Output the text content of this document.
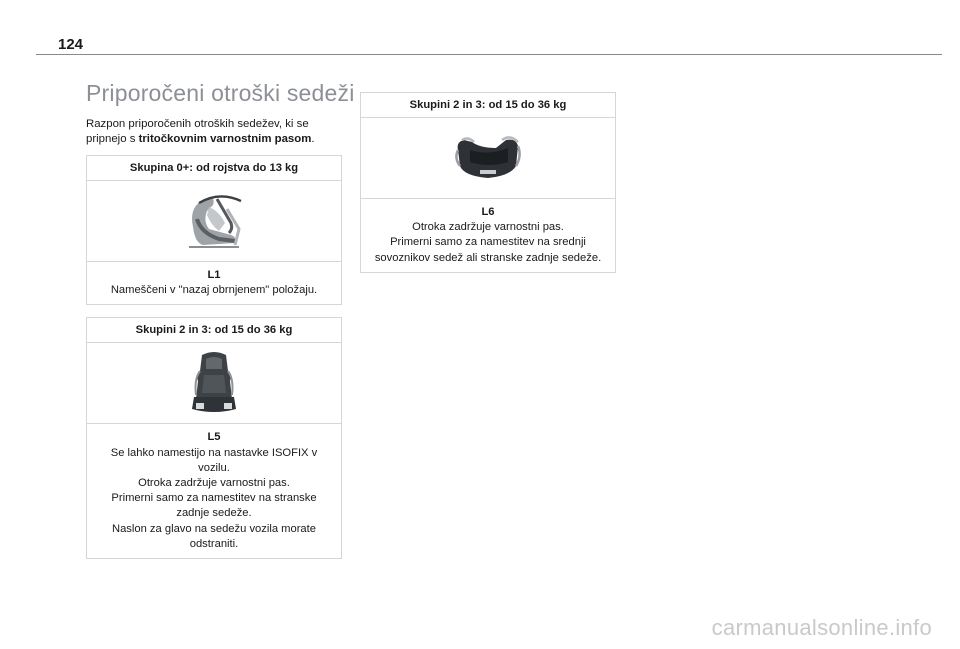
124
Priporočeni otroški sedeži

Razpon priporočenih otroških sedežev, ki se pripnejo s tritočkovnim varnostnim pasom.

Skupina 0+: od rojstva do 13 kg
L1
Nameščeni v "nazaj obrnjenem" položaju.
Skupini 2 in 3: od 15 do 36 kg
L5
Se lahko namestijo na nastavke ISOFIX v vozilu.
Otroka zadržuje varnostni pas.
Primerni samo za namestitev na stranske zadnje sedeže.
Naslon za glavo na sedežu vozila morate odstraniti.
Skupini 2 in 3: od 15 do 36 kg
L6
Otroka zadržuje varnostni pas.
Primerni samo za namestitev na srednji sovoznikov sedež ali stranske zadnje sedeže.
carmanualsonline.info
